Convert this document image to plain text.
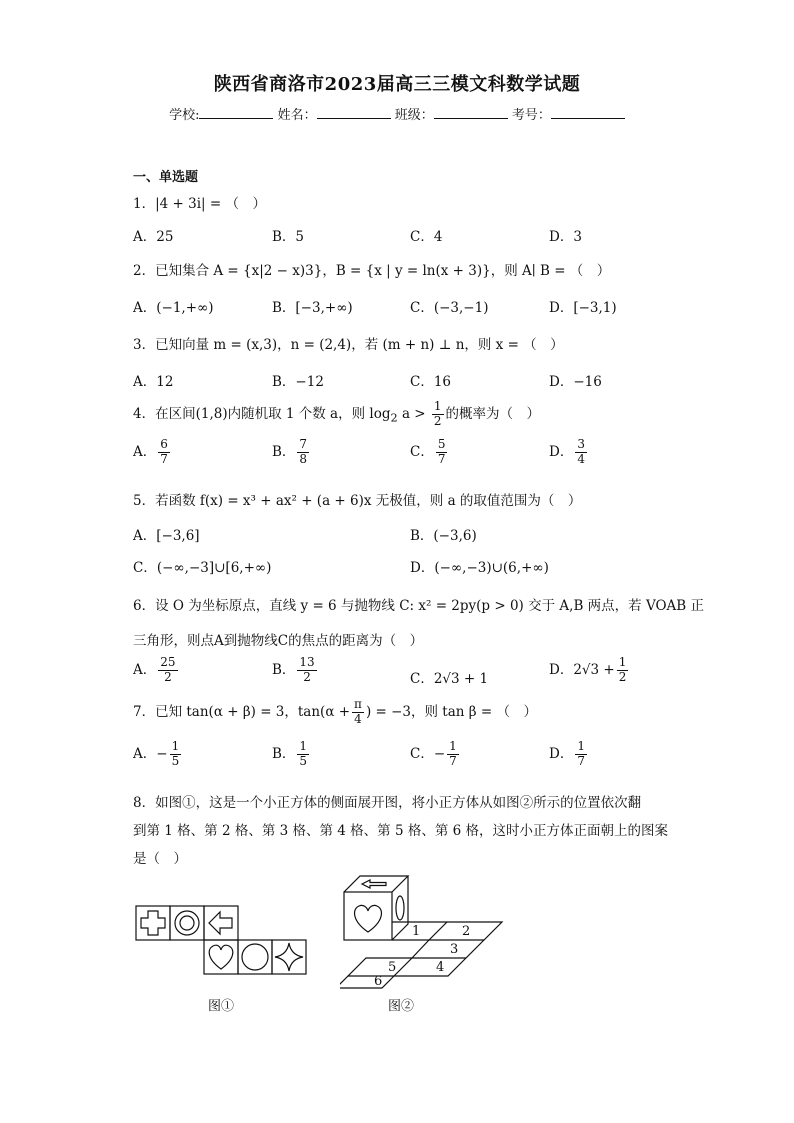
陕西省商洛市2023届高三三模文科数学试题
学校:	姓名：	班级：	考号：
一、单选题
1．|4 + 3i| = （　）
A．25	B．5	C．4	D．3
2．已知集合 A = {x|2 − x)3}，B = {x | y = ln(x + 3)}，则 A∣ B = （　）
A．(−1,+∞)	B．[−3,+∞)	C．(−3,−1)	D．[−3,1)
3．已知向量 m = (x,3)，n = (2,4)，若 (m + n) ⊥ n，则 x = （　）
A．12	B．−12	C．16	D．−16
4．在区间(1,8)内随机取 1 个数 a，则 $\log_2 a > \frac{1}{2}$ 的概率为（　）
A． $\frac{6}{7}$	B． $\frac{7}{8}$	C． $\frac{5}{7}$	D． $\frac{3}{4}$
5．若函数 f(x) = x³ + ax² + (a + 6)x 无极值，则 a 的取值范围为（　）
A．[−3,6]	B．(−3,6)
C．(−∞,−3]∪[6,+∞)	D．(−∞,−3)∪(6,+∞)
6．设 O 为坐标原点，直线 y = 6 与抛物线 C: x² = 2py(p > 0) 交于 A,B 两点，若 VOAB 正
三角形，则点A到抛物线C的焦点的距离为（　）
A． $\frac{25}{2}$	B． $\frac{13}{2}$	C．2√3 + 1
D．$2√3 + \frac{1}{2}$
7．已知 tan(α + β) = 3，$\tan(\alpha + \frac{\pi}{4}$ ) = −3，则 tan β = （　）
A．− $\frac{1}{5}$	B． $\frac{1}{5}$	C．− $\frac{1}{7}$	D． $\frac{1}{7}$
8．如图①，这是一个小正方体的侧面展开图，将小正方体从如图②所示的位置依次翻
到第 1 格、第 2 格、第 3 格、第 4 格、第 5 格、第 6 格，这时小正方体正面朝上的图案
是（　）
图①
1	2
3
4
5
6
图②
